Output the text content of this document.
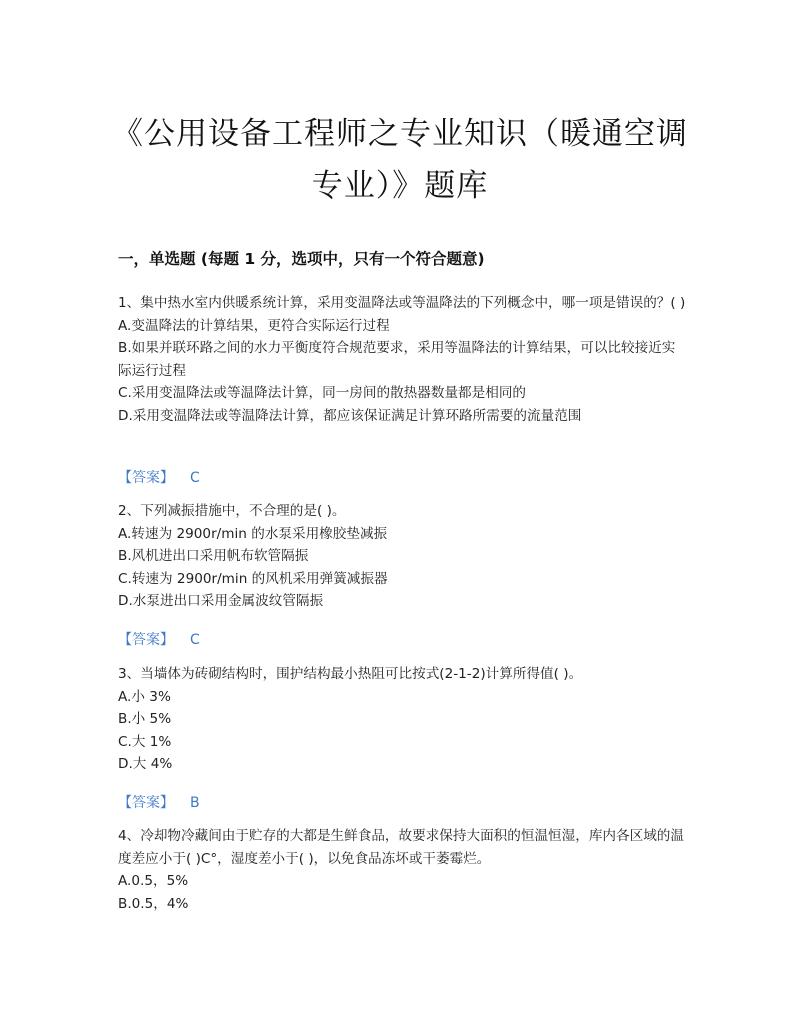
《公用设备工程师之专业知识（暖通空调专业）》题库
一，单选题 (每题 1 分，选项中，只有一个符合题意)

1、集中热水室内供暖系统计算，采用变温降法或等温降法的下列概念中，哪一项是错误的？( )

A.变温降法的计算结果，更符合实际运行过程

B.如果并联环路之间的水力平衡度符合规范要求，采用等温降法的计算结果，可以比较接近实际运行过程

C.采用变温降法或等温降法计算，同一房间的散热器数量都是相同的

D.采用变温降法或等温降法计算，都应该保证满足计算环路所需要的流量范围

【答案】 C

2、下列减振措施中，不合理的是( )。

A.转速为 2900r/min 的水泵采用橡胶垫减振

B.风机进出口采用帆布软管隔振

C.转速为 2900r/min 的风机采用弹簧减振器

D.水泵进出口采用金属波纹管隔振

【答案】 C

3、当墙体为砖砌结构时，围护结构最小热阻可比按式(2-1-2)计算所得值( )。

A.小 3%

B.小 5%

C.大 1%

D.大 4%

【答案】 B

4、冷却物冷藏间由于贮存的大都是生鲜食品，故要求保持大面积的恒温恒湿，库内各区域的温度差应小于( )C°，湿度差小于( )，以免食品冻坏或干萎霉烂。

A.0.5，5%

B.0.5，4%
